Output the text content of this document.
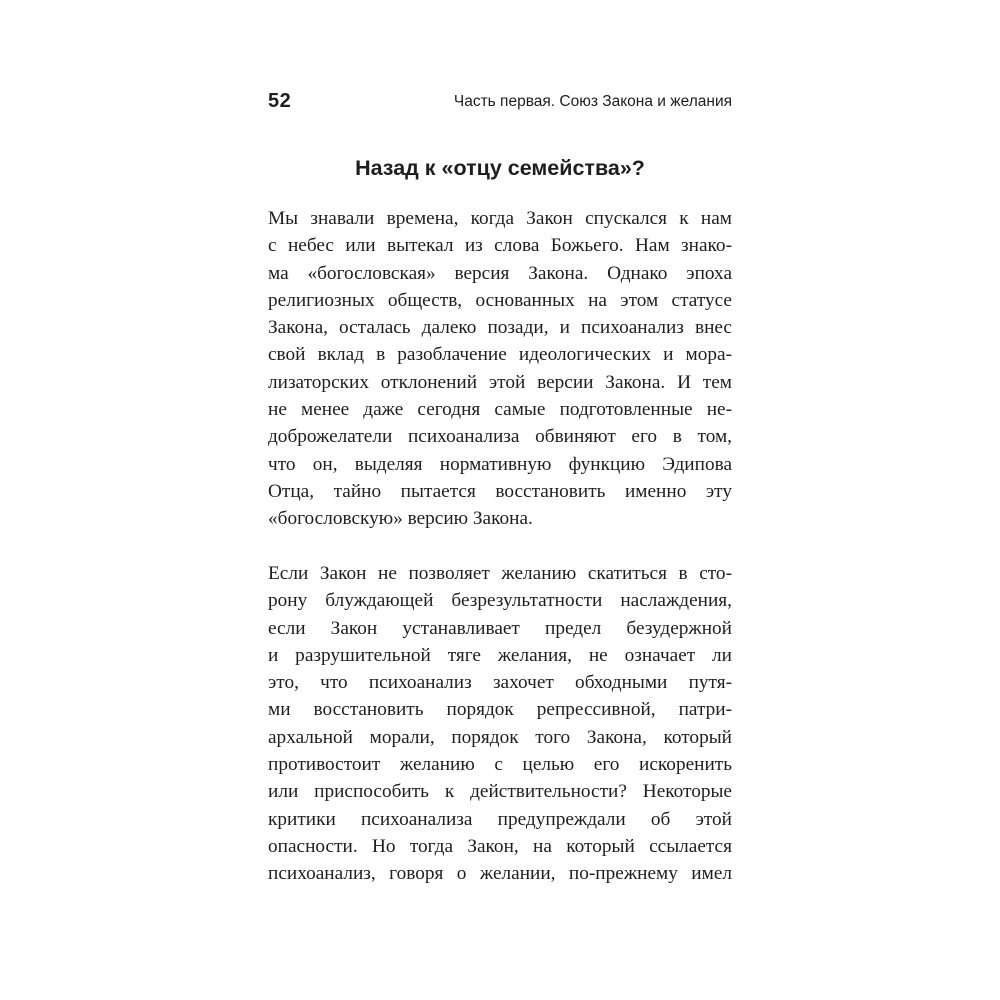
52	Часть первая. Союз Закона и желания
Назад к «отцу семейства»?
Мы знавали времена, когда Закон спускался к нам
с небес или вытекал из слова Божьего. Нам знако-
ма «богословская» версия Закона. Однако эпоха
религиозных обществ, основанных на этом статусе
Закона, осталась далеко позади, и психоанализ внес
свой вклад в разоблачение идеологических и мора-
лизаторских отклонений этой версии Закона. И тем
не менее даже сегодня самые подготовленные не-
доброжелатели психоанализа обвиняют его в том,
что он, выделяя нормативную функцию Эдипова
Отца, тайно пытается восстановить именно эту
«богословскую» версию Закона.
Если Закон не позволяет желанию скатиться в сто-
рону блуждающей безрезультатности наслаждения,
если Закон устанавливает предел безудержной
и разрушительной тяге желания, не означает ли
это, что психоанализ захочет обходными путя-
ми восстановить порядок репрессивной, патри-
архальной морали, порядок того Закона, который
противостоит желанию с целью его искоренить
или приспособить к действительности? Некоторые
критики психоанализа предупреждали об этой
опасности. Но тогда Закон, на который ссылается
психоанализ, говоря о желании, по-прежнему имел
